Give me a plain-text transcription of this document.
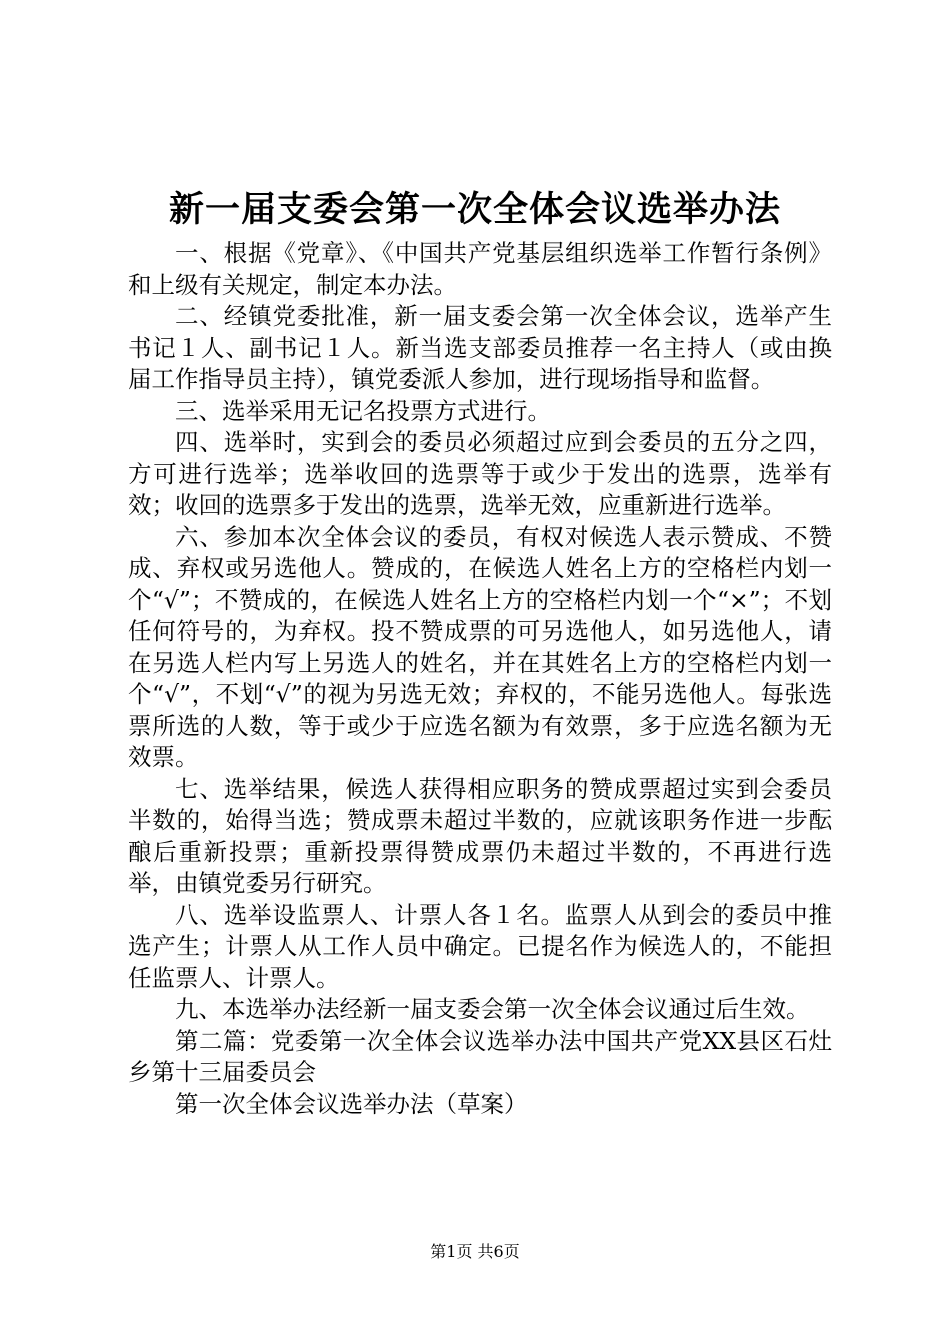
新一届支委会第一次全体会议选举办法

一、根据《党章》、《中国共产党基层组织选举工作暂行条例》和上级有关规定，制定本办法。

二、经镇党委批准，新一届支委会第一次全体会议，选举产生书记１人、副书记１人。新当选支部委员推荐一名主持人（或由换届工作指导员主持），镇党委派人参加，进行现场指导和监督。

三、选举采用无记名投票方式进行。

四、选举时，实到会的委员必须超过应到会委员的五分之四，方可进行选举；选举收回的选票等于或少于发出的选票，选举有效；收回的选票多于发出的选票，选举无效，应重新进行选举。

六、参加本次全体会议的委员，有权对候选人表示赞成、不赞成、弃权或另选他人。赞成的，在候选人姓名上方的空格栏内划一个“√”；不赞成的，在候选人姓名上方的空格栏内划一个“×”；不划任何符号的，为弃权。投不赞成票的可另选他人，如另选他人，请在另选人栏内写上另选人的姓名，并在其姓名上方的空格栏内划一个“√”，不划“√”的视为另选无效；弃权的，不能另选他人。每张选票所选的人数，等于或少于应选名额为有效票，多于应选名额为无效票。

七、选举结果，候选人获得相应职务的赞成票超过实到会委员半数的，始得当选；赞成票未超过半数的，应就该职务作进一步酝酿后重新投票；重新投票得赞成票仍未超过半数的，不再进行选举，由镇党委另行研究。

八、选举设监票人、计票人各１名。监票人从到会的委员中推选产生；计票人从工作人员中确定。已提名作为候选人的，不能担任监票人、计票人。

九、本选举办法经新一届支委会第一次全体会议通过后生效。

第二篇：党委第一次全体会议选举办法中国共产党XX县区石灶乡第十三届委员会

第一次全体会议选举办法（草案）

第1页 共6页
